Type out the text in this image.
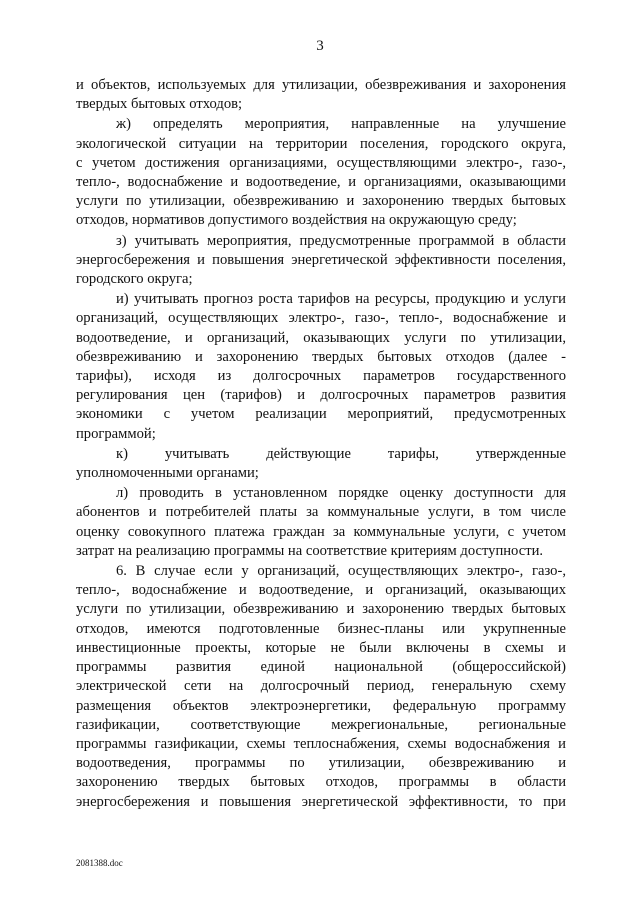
3
и объектов, используемых для утилизации, обезвреживания и захоронения
твердых бытовых отходов;
ж) определять мероприятия, направленные на улучшение
экологической ситуации на территории поселения, городского округа,
с учетом достижения организациями, осуществляющими электро-, газо-,
тепло-, водоснабжение и водоотведение, и организациями, оказывающими
услуги по утилизации, обезвреживанию и захоронению твердых бытовых
отходов, нормативов допустимого воздействия на окружающую среду;
з) учитывать мероприятия, предусмотренные программой в области
энергосбережения и повышения энергетической эффективности поселения,
городского округа;
и) учитывать прогноз роста тарифов на ресурсы, продукцию и услуги
организаций, осуществляющих электро-, газо-, тепло-, водоснабжение и
водоотведение, и организаций, оказывающих услуги по утилизации,
обезвреживанию и захоронению твердых бытовых отходов (далее -
тарифы), исходя из долгосрочных параметров государственного
регулирования цен (тарифов) и долгосрочных параметров развития
экономики с учетом реализации мероприятий, предусмотренных
программой;
к) учитывать действующие тарифы, утвержденные
уполномоченными органами;
л) проводить в установленном порядке оценку доступности для
абонентов и потребителей платы за коммунальные услуги, в том числе
оценку совокупного платежа граждан за коммунальные услуги, с учетом
затрат на реализацию программы на соответствие критериям доступности.
6. В случае если у организаций, осуществляющих электро-, газо-,
тепло-, водоснабжение и водоотведение, и организаций, оказывающих
услуги по утилизации, обезвреживанию и захоронению твердых бытовых
отходов, имеются подготовленные бизнес-планы или укрупненные
инвестиционные проекты, которые не были включены в схемы и
программы развития единой национальной (общероссийской)
электрической сети на долгосрочный период, генеральную схему
размещения объектов электроэнергетики, федеральную программу
газификации, соответствующие межрегиональные, региональные
программы газификации, схемы теплоснабжения, схемы водоснабжения и
водоотведения, программы по утилизации, обезвреживанию и
захоронению твердых бытовых отходов, программы в области
энергосбережения и повышения энергетической эффективности, то при
2081388.doc
